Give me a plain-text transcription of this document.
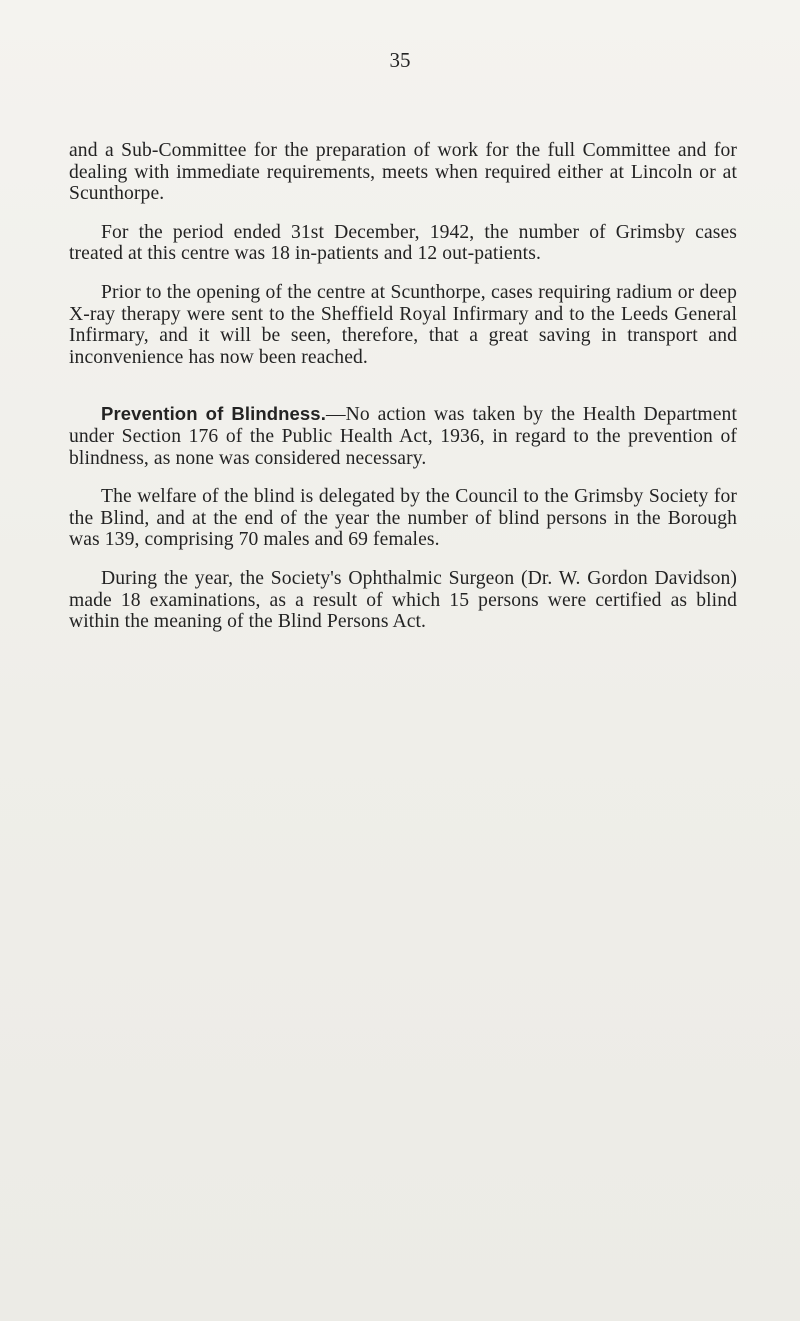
35

and a Sub-Committee for the preparation of work for the full Committee and for dealing with immediate requirements, meets when required either at Lincoln or at Scunthorpe.

For the period ended 31st December, 1942, the number of Grimsby cases treated at this centre was 18 in-patients and 12 out-patients.

Prior to the opening of the centre at Scunthorpe, cases requiring radium or deep X-ray therapy were sent to the Sheffield Royal Infirmary and to the Leeds General Infirmary, and it will be seen, therefore, that a great saving in transport and inconvenience has now been reached.

Prevention of Blindness.—No action was taken by the Health Department under Section 176 of the Public Health Act, 1936, in regard to the prevention of blindness, as none was considered necessary.

The welfare of the blind is delegated by the Council to the Grimsby Society for the Blind, and at the end of the year the number of blind persons in the Borough was 139, comprising 70 males and 69 females.

During the year, the Society's Ophthalmic Surgeon (Dr. W. Gordon Davidson) made 18 examinations, as a result of which 15 persons were certified as blind within the meaning of the Blind Persons Act.
